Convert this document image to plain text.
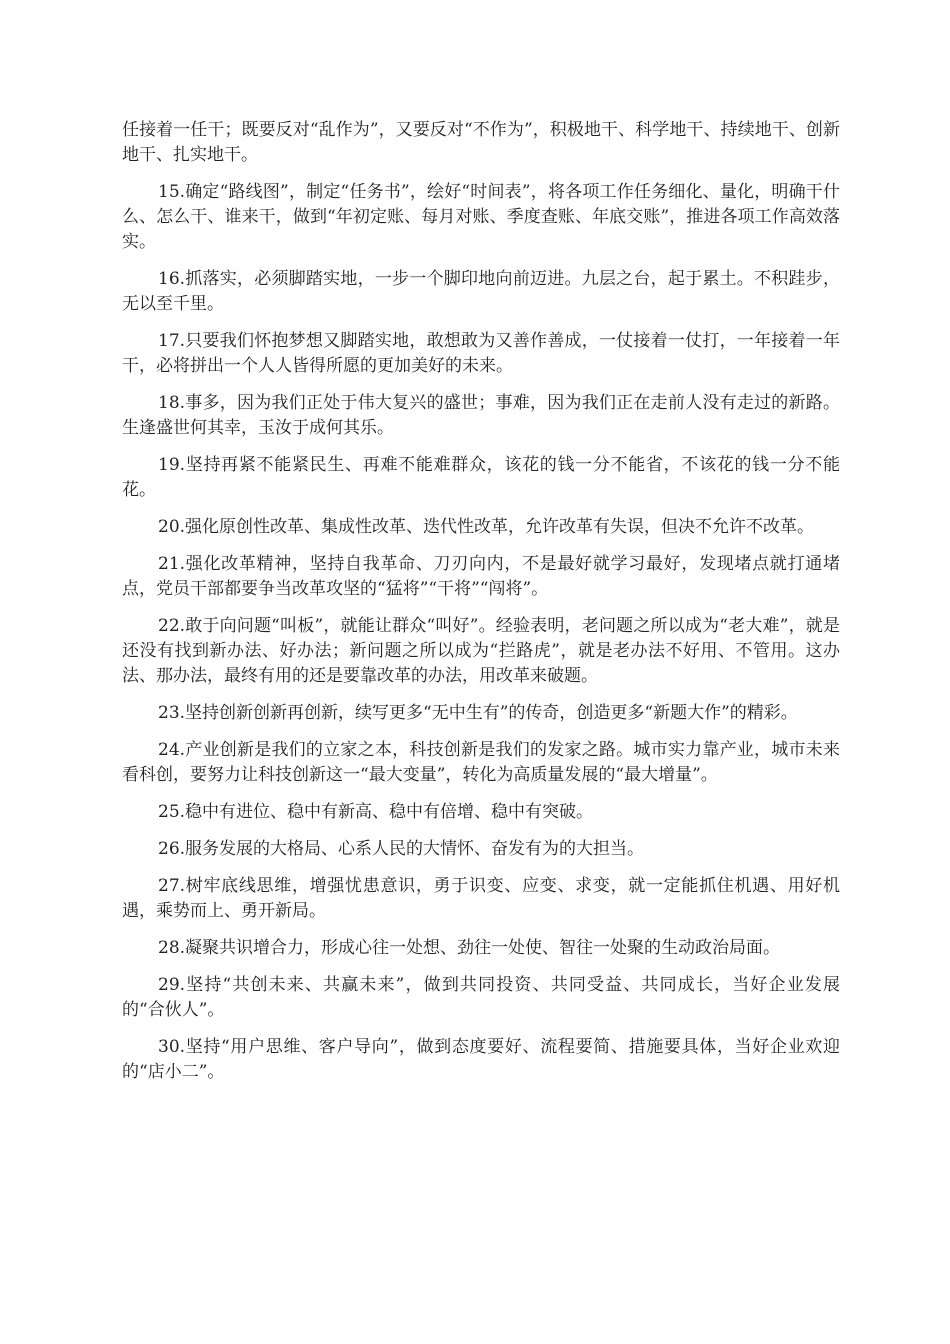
任接着一任干；既要反对“乱作为”，又要反对“不作为”，积极地干、科学地干、持续地干、创新地干、扎实地干。

15.确定“路线图”，制定“任务书”，绘好“时间表”，将各项工作任务细化、量化，明确干什么、怎么干、谁来干，做到“年初定账、每月对账、季度查账、年底交账”，推进各项工作高效落实。

16.抓落实，必须脚踏实地，一步一个脚印地向前迈进。九层之台，起于累土。不积跬步，无以至千里。

17.只要我们怀抱梦想又脚踏实地，敢想敢为又善作善成，一仗接着一仗打，一年接着一年干，必将拼出一个人人皆得所愿的更加美好的未来。

18.事多，因为我们正处于伟大复兴的盛世；事难，因为我们正在走前人没有走过的新路。生逢盛世何其幸，玉汝于成何其乐。

19.坚持再紧不能紧民生、再难不能难群众，该花的钱一分不能省，不该花的钱一分不能花。

20.强化原创性改革、集成性改革、迭代性改革，允许改革有失误，但决不允许不改革。

21.强化改革精神，坚持自我革命、刀刃向内，不是最好就学习最好，发现堵点就打通堵点，党员干部都要争当改革攻坚的“猛将”“干将”“闯将”。

22.敢于向问题“叫板”，就能让群众“叫好”。经验表明，老问题之所以成为“老大难”，就是还没有找到新办法、好办法；新问题之所以成为“拦路虎”，就是老办法不好用、不管用。这办法、那办法，最终有用的还是要靠改革的办法，用改革来破题。

23.坚持创新创新再创新，续写更多“无中生有”的传奇，创造更多“新题大作”的精彩。

24.产业创新是我们的立家之本，科技创新是我们的发家之路。城市实力靠产业，城市未来看科创，要努力让科技创新这一“最大变量”，转化为高质量发展的“最大增量”。

25.稳中有进位、稳中有新高、稳中有倍增、稳中有突破。

26.服务发展的大格局、心系人民的大情怀、奋发有为的大担当。

27.树牢底线思维，增强忧患意识，勇于识变、应变、求变，就一定能抓住机遇、用好机遇，乘势而上、勇开新局。

28.凝聚共识增合力，形成心往一处想、劲往一处使、智往一处聚的生动政治局面。

29.坚持“共创未来、共赢未来”，做到共同投资、共同受益、共同成长，当好企业发展的“合伙人”。

30.坚持“用户思维、客户导向”，做到态度要好、流程要简、措施要具体，当好企业欢迎的“店小二”。
